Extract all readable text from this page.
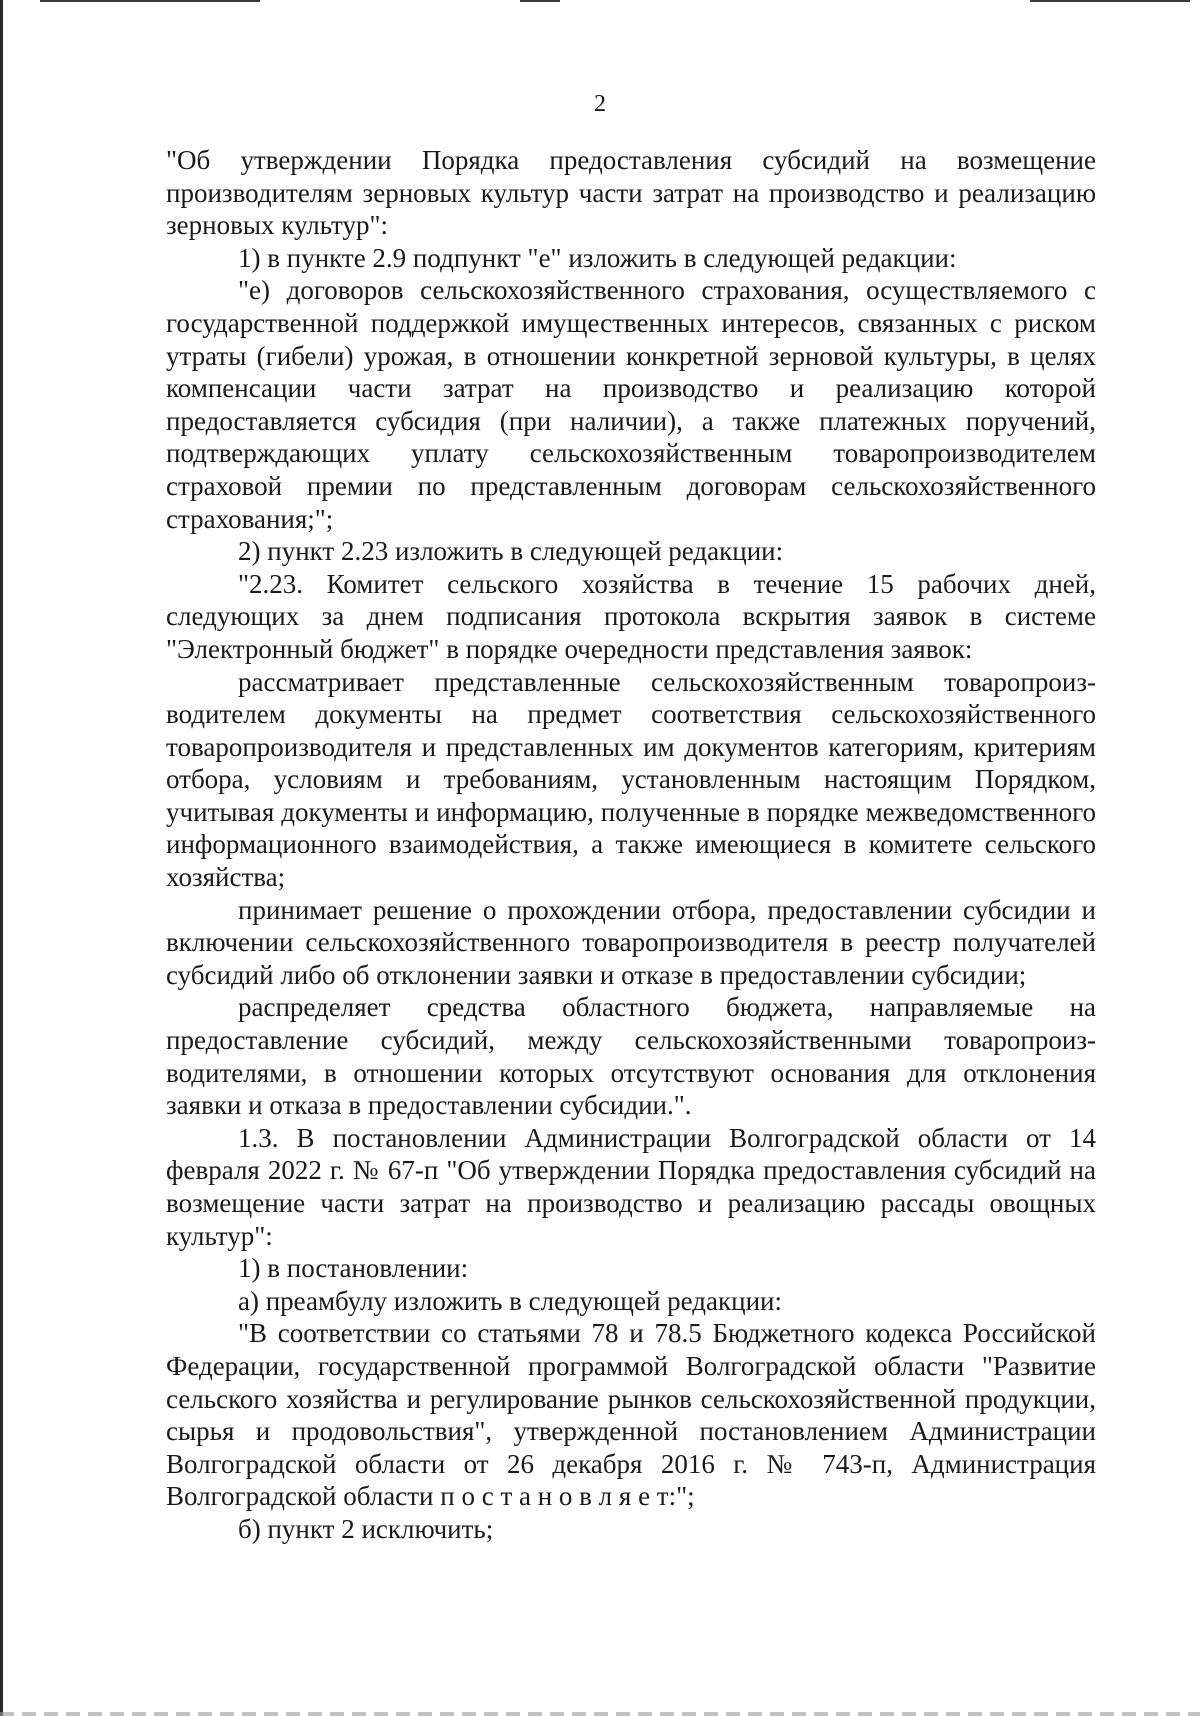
2

"Об утверждении Порядка предоставления субсидий на возмещение производителям зерновых культур части затрат на производство и реализацию зерновых культур":

1) в пункте 2.9 подпункт "е" изложить в следующей редакции:

"е) договоров сельскохозяйственного страхования, осуществляемого с государственной поддержкой имущественных интересов, связанных с риском утраты (гибели) урожая, в отношении конкретной зерновой культуры, в целях компенсации части затрат на производство и реализацию которой предоставляется субсидия (при наличии), а также платежных поручений, подтверждающих уплату сельскохозяйственным товаропроизводителем страховой премии по представленным договорам сельскохозяйственного страхования;";

2) пункт 2.23 изложить в следующей редакции:

"2.23. Комитет сельского хозяйства в течение 15 рабочих дней, следующих за днем подписания протокола вскрытия заявок в системе "Электронный бюджет" в порядке очередности представления заявок:

рассматривает представленные сельскохозяйственным товаропроизводителем документы на предмет соответствия сельскохозяйственного товаропроизводителя и представленных им документов категориям, критериям отбора, условиям и требованиям, установленным настоящим Порядком, учитывая документы и информацию, полученные в порядке межведомственного информационного взаимодействия, а также имеющиеся в комитете сельского хозяйства;

принимает решение о прохождении отбора, предоставлении субсидии и включении сельскохозяйственного товаропроизводителя в реестр получателей субсидий либо об отклонении заявки и отказе в предоставлении субсидии;

распределяет средства областного бюджета, направляемые на предоставление субсидий, между сельскохозяйственными товаропроизводителями, в отношении которых отсутствуют основания для отклонения заявки и отказа в предоставлении субсидии.".

1.3. В постановлении Администрации Волгоградской области от 14 февраля 2022 г. № 67-п "Об утверждении Порядка предоставления субсидий на возмещение части затрат на производство и реализацию рассады овощных культур":

1) в постановлении:

а) преамбулу изложить в следующей редакции:

"В соответствии со статьями 78 и 78.5 Бюджетного кодекса Российской Федерации, государственной программой Волгоградской области "Развитие сельского хозяйства и регулирование рынков сельскохозяйственной продукции, сырья и продовольствия", утвержденной постановлением Администрации Волгоградской области от 26 декабря 2016 г. № 743-п, Администрация Волгоградской области п о с т а н о в л я е т:";

б) пункт 2 исключить;
